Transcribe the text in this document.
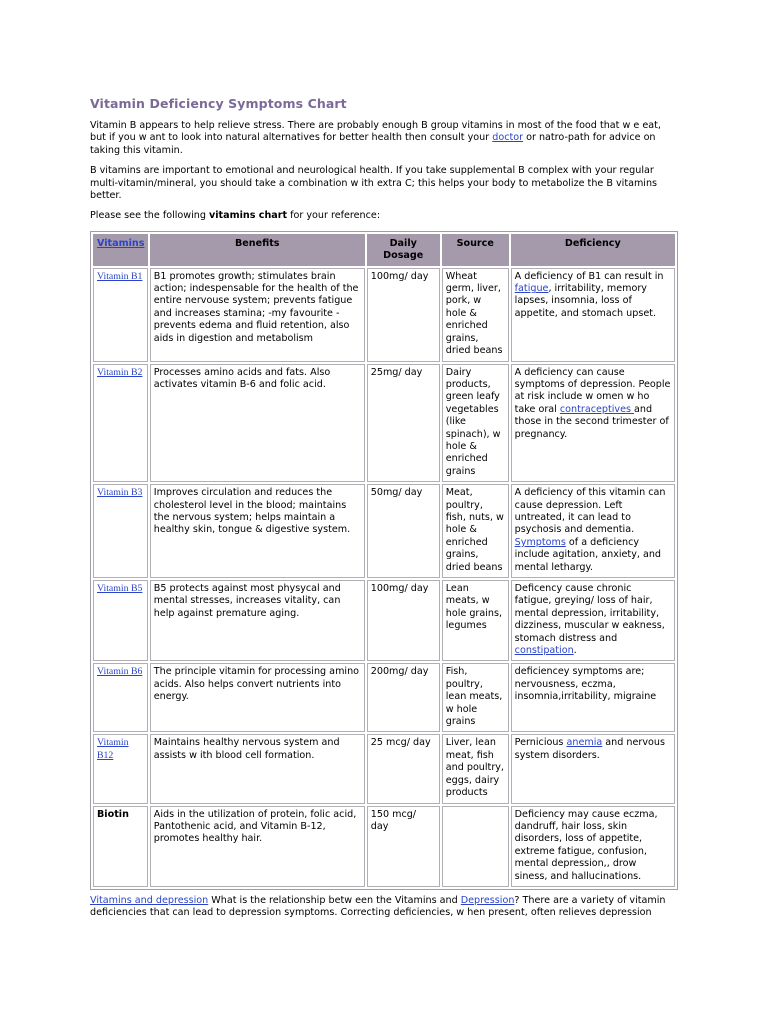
Vitamin Deficiency Symptoms Chart

Vitamin B appears to help relieve stress. There are probably enough B group vitamins in most of the food that w e eat, but if you w ant to look into natural alternatives for better health then consult your doctor or natro-path for advice on taking this vitamin.

B vitamins are important to emotional and neurological health. If you take supplemental B complex with your regular multi-vitamin/mineral, you should take a combination w ith extra C; this helps your body to metabolize the B vitamins better.

Please see the following vitamins chart for your reference:

Vitamins	Benefits	Daily Dosage	Source	Deficiency
Vitamin B1	B1 promotes growth; stimulates brain action; indespensable for the health of the entire nervouse system; prevents fatigue and increases stamina; -my favourite - prevents edema and fluid retention, also aids in digestion and metabolism	100mg/ day	Wheat germ, liver, pork, w hole & enriched grains, dried beans	A deficiency of B1 can result in fatigue, irritability, memory lapses, insomnia, loss of appetite, and stomach upset.
Vitamin B2	Processes amino acids and fats. Also activates vitamin B-6 and folic acid.	25mg/ day	Dairy products, green leafy vegetables (like spinach), w hole & enriched grains	A deficiency can cause symptoms of depression. People at risk include w omen w ho take oral contraceptives and those in the second trimester of pregnancy.
Vitamin B3	Improves circulation and reduces the cholesterol level in the blood; maintains the nervous system; helps maintain a healthy skin, tongue & digestive system.	50mg/ day	Meat, poultry, fish, nuts, w hole & enriched grains, dried beans	A deficiency of this vitamin can cause depression. Left untreated, it can lead to psychosis and dementia. Symptoms of a deficiency include agitation, anxiety, and mental lethargy.
Vitamin B5	B5 protects against most physycal and mental stresses, increases vitality, can help against premature aging.	100mg/ day	Lean meats, w hole grains, legumes	Deficency cause chronic fatigue, greying/ loss of hair, mental depression, irritability, dizziness, muscular w eakness, stomach distress and constipation.
Vitamin B6	The principle vitamin for processing amino acids. Also helps convert nutrients into energy.	200mg/ day	Fish, poultry, lean meats, w hole grains	deficiencey symptoms are; nervousness, eczma, insomnia,irritability, migraine
Vitamin B12	Maintains healthy nervous system and assists w ith blood cell formation.	25 mcg/ day	Liver, lean meat, fish and poultry, eggs, dairy products	Pernicious anemia and nervous system disorders.
Biotin	Aids in the utilization of protein, folic acid, Pantothenic acid, and Vitamin B-12, promotes healthy hair.	150 mcg/ day		Deficiency may cause eczma, dandruff, hair loss, skin disorders, loss of appetite, extreme fatigue, confusion, mental depression,, drow siness, and hallucinations.

Vitamins and depression What is the relationship betw een the Vitamins and Depression? There are a variety of vitamin deficiencies that can lead to depression symptoms. Correcting deficiencies, w hen present, often relieves depression
